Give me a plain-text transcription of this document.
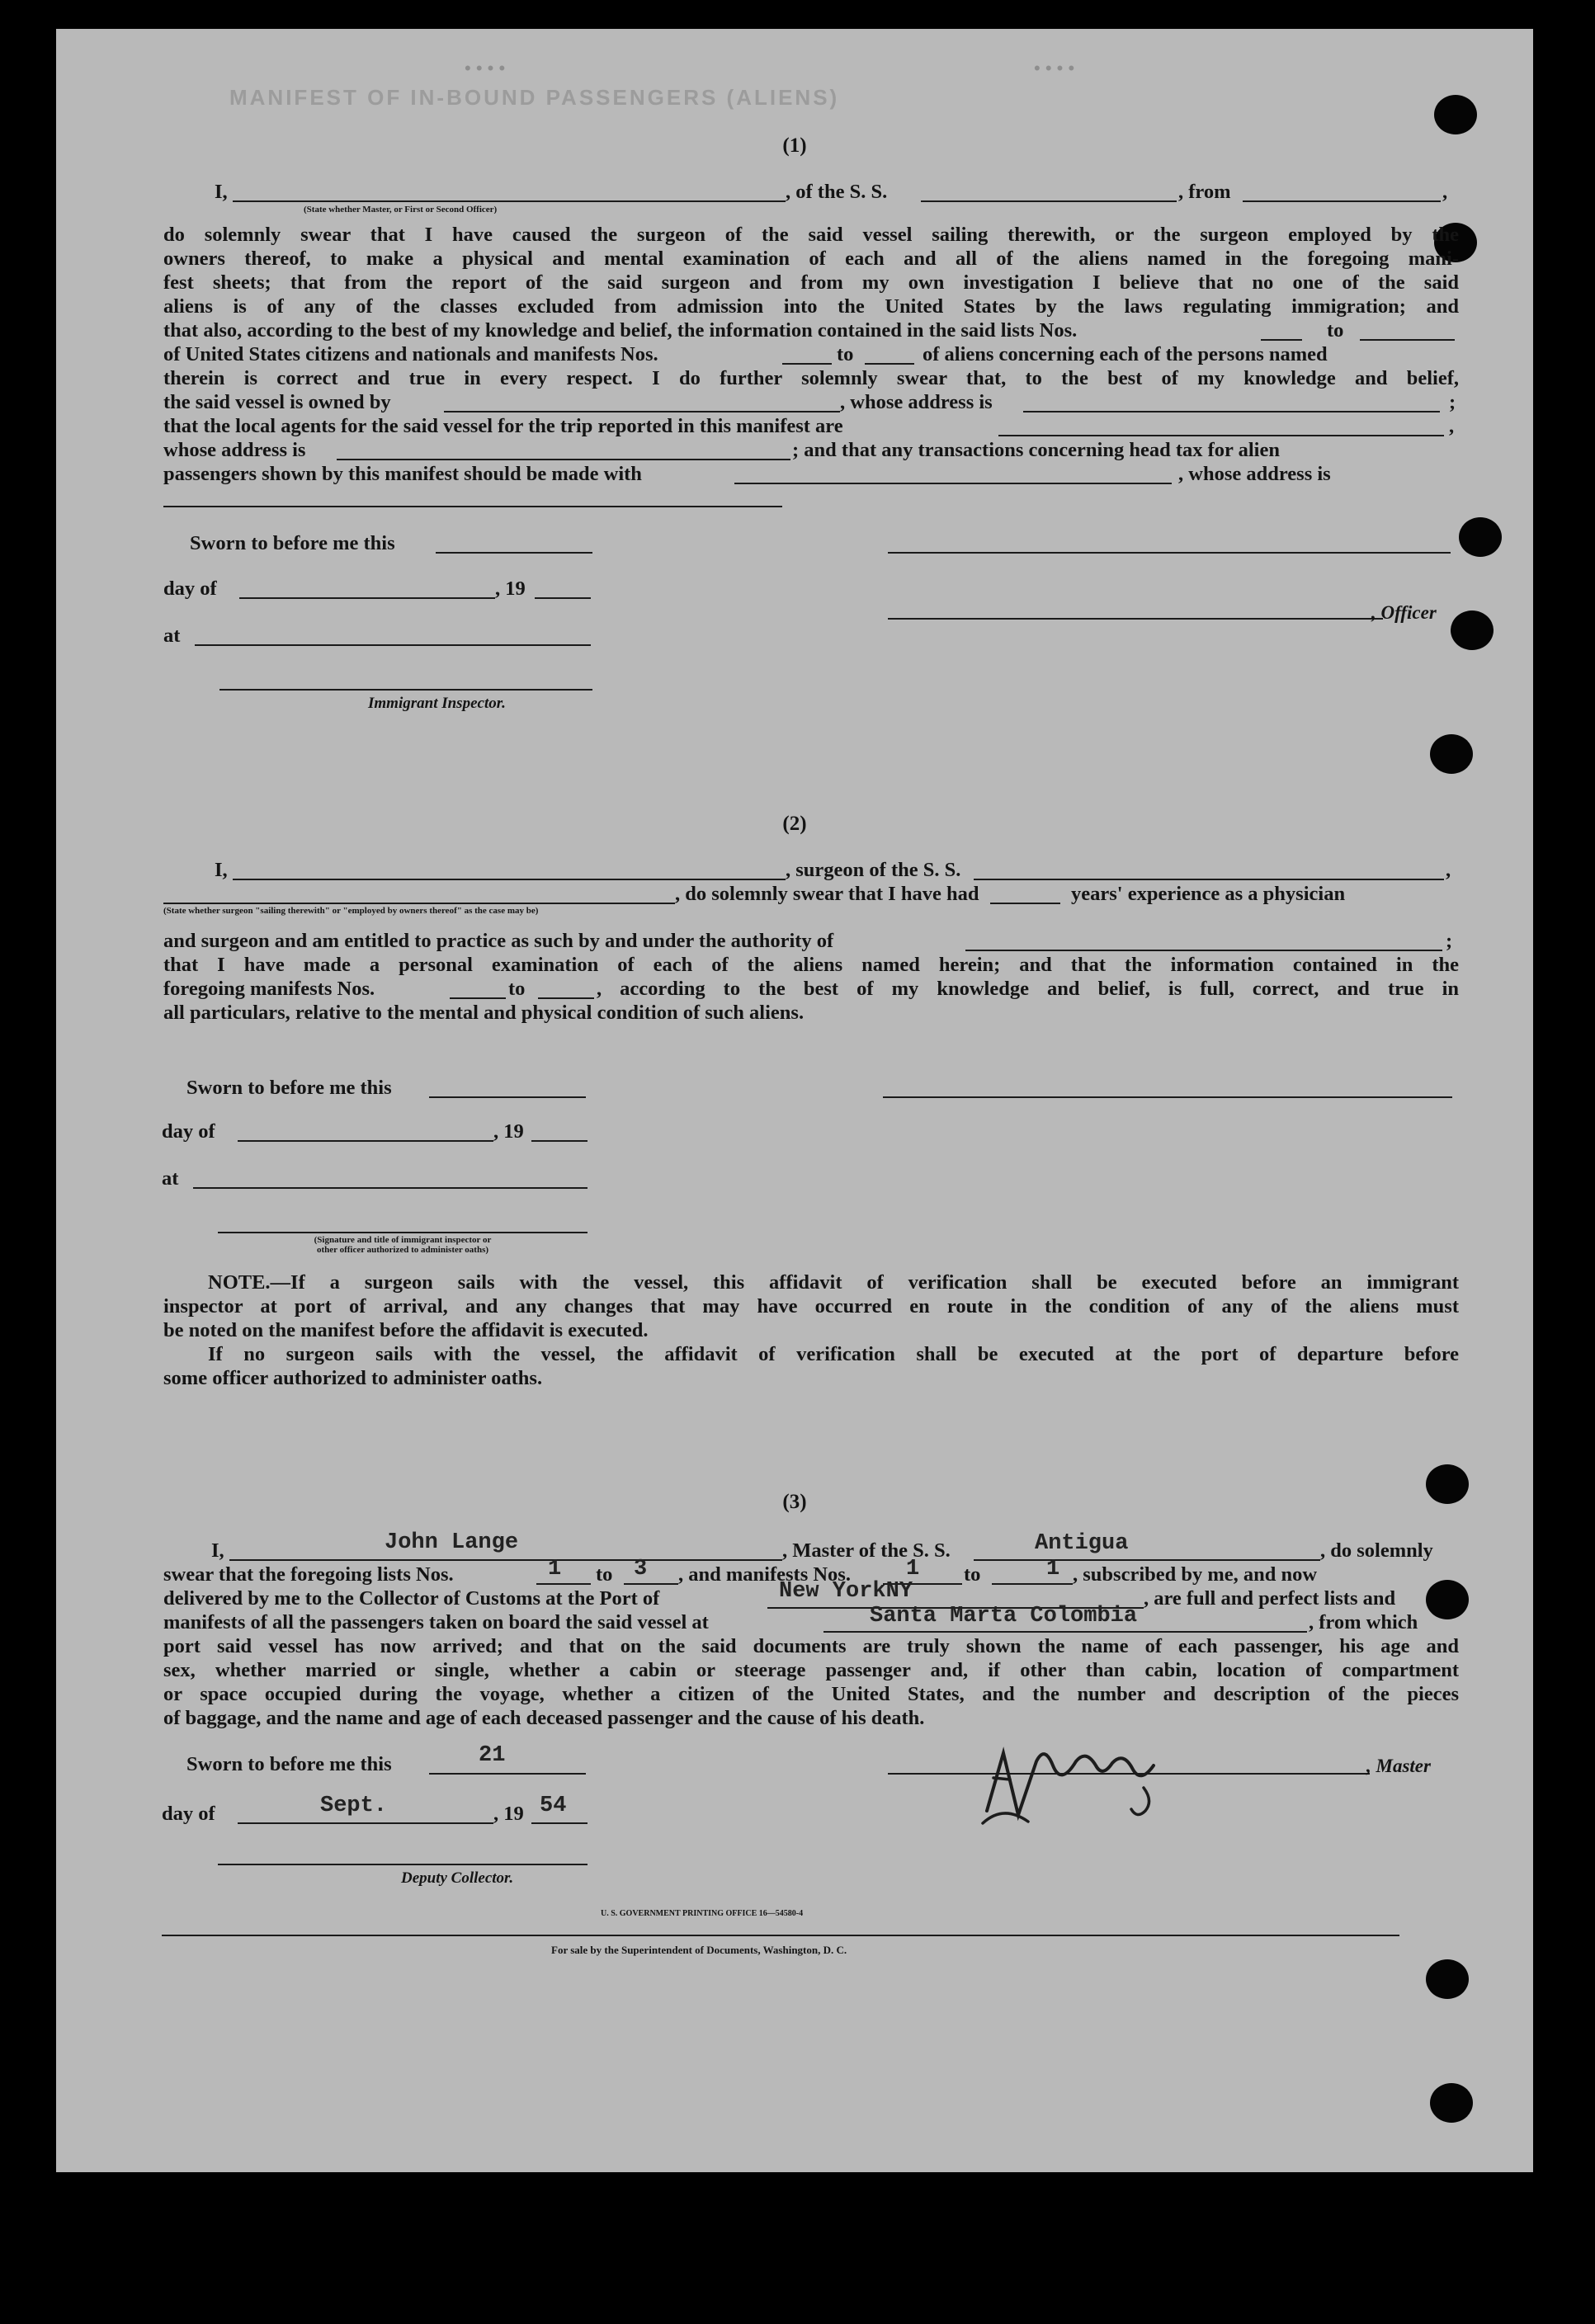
MANIFEST OF IN-BOUND PASSENGERS (ALIENS)
• • • •	• • • •
(1)
I,
(State whether Master, or First or Second Officer)
, of the S. S.	, from	,
do solemnly swear that I have caused the surgeon of the said vessel sailing therewith, or the surgeon employed by the
owners thereof, to make a physical and mental examination of each and all of the aliens named in the foregoing mani-
fest sheets; that from the report of the said surgeon and from my own investigation I believe that no one of the said
aliens is of any of the classes excluded from admission into the United States by the laws regulating immigration; and
that also, according to the best of my knowledge and belief, the information contained in the said lists Nos.	to
of United States citizens and nationals and manifests Nos.	to	of aliens concerning each of the persons named
therein is correct and true in every respect. I do further solemnly swear that, to the best of my knowledge and belief,
the said vessel is owned by	, whose address is	;
that the local agents for the said vessel for the trip reported in this manifest are	,
whose address is	; and that any transactions concerning head tax for alien
passengers shown by this manifest should be made with	, whose address is
Sworn to before me this
day of	, 19
, Officer
at
Immigrant Inspector.
(2)
I,	, surgeon of the S. S.	,
(State whether surgeon "sailing therewith" or "employed by owners thereof" as the case may be)
, do solemnly swear that I have had	years' experience as a physician
and surgeon and am entitled to practice as such by and under the authority of	;
that I have made a personal examination of each of the aliens named herein; and that the information contained in the
foregoing manifests Nos.	to	, according to the best of my knowledge and belief, is full, correct, and true in
all particulars, relative to the mental and physical condition of such aliens.
Sworn to before me this
day of	, 19
at
(Signature and title of immigrant inspector or
other officer authorized to administer oaths)
NOTE.—If a surgeon sails with the vessel, this affidavit of verification shall be executed before an immigrant
inspector at port of arrival, and any changes that may have occurred en route in the condition of any of the aliens must
be noted on the manifest before the affidavit is executed.
If no surgeon sails with the vessel, the affidavit of verification shall be executed at the port of departure before
some officer authorized to administer oaths.
(3)
I,	John Lange	, Master of the S. S.	Antigua	, do solemnly
swear that the foregoing lists Nos.	1 to 3 , and manifests Nos. 1 to	1 , subscribed by me, and now
delivered by me to the Collector of Customs at the Port of	New YorkNY	, are full and perfect lists and
manifests of all the passengers taken on board the said vessel at	Santa Marta Colombia	, from which
port said vessel has now arrived; and that on the said documents are truly shown the name of each passenger, his age and
sex, whether married or single, whether a cabin or steerage passenger and, if other than cabin, location of compartment
or space occupied during the voyage, whether a citizen of the United States, and the number and description of the pieces
of baggage, and the name and age of each deceased passenger and the cause of his death.
Sworn to before me this	21	, Master
day of	Sept.	, 19 54
Deputy Collector.
U. S. GOVERNMENT PRINTING OFFICE 16—54580-4
For sale by the Superintendent of Documents, Washington, D. C.
